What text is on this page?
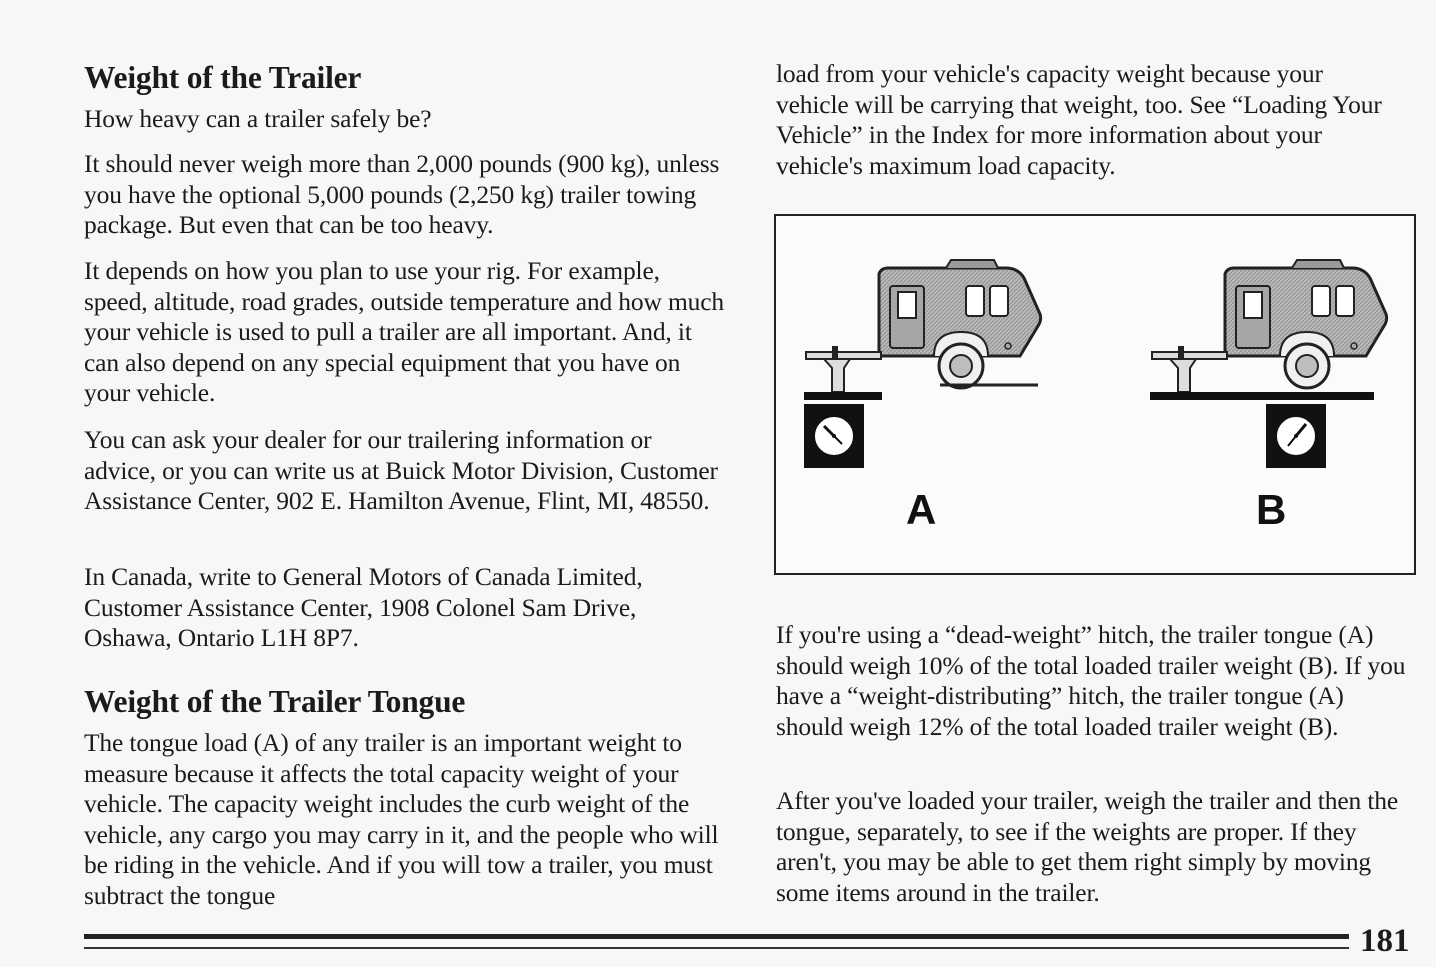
Weight of the Trailer

How heavy can a trailer safely be?

It should never weigh more than 2,000 pounds (900 kg), unless you have the optional 5,000 pounds (2,250 kg) trailer towing package. But even that can be too heavy.

It depends on how you plan to use your rig. For example, speed, altitude, road grades, outside temperature and how much your vehicle is used to pull a trailer are all important. And, it can also depend on any special equipment that you have on your vehicle.

You can ask your dealer for our trailering information or advice, or you can write us at Buick Motor Division, Customer Assistance Center, 902 E. Hamilton Avenue, Flint, MI, 48550.

In Canada, write to General Motors of Canada Limited, Customer Assistance Center, 1908 Colonel Sam Drive, Oshawa, Ontario L1H 8P7.

Weight of the Trailer Tongue

The tongue load (A) of any trailer is an important weight to measure because it affects the total capacity weight of your vehicle. The capacity weight includes the curb weight of the vehicle, any cargo you may carry in it, and the people who will be riding in the vehicle. And if you will tow a trailer, you must subtract the tongue

load from your vehicle's capacity weight because your vehicle will be carrying that weight, too. See “Loading Your Vehicle” in the Index for more information about your vehicle's maximum load capacity.

If you're using a “dead-weight” hitch, the trailer tongue (A) should weigh 10% of the total loaded trailer weight (B). If you have a “weight-distributing” hitch, the trailer tongue (A) should weigh 12% of the total loaded trailer weight (B).

After you've loaded your trailer, weigh the trailer and then the tongue, separately, to see if the weights are proper. If they aren't, you may be able to get them right simply by moving some items around in the trailer.

A	B
181
